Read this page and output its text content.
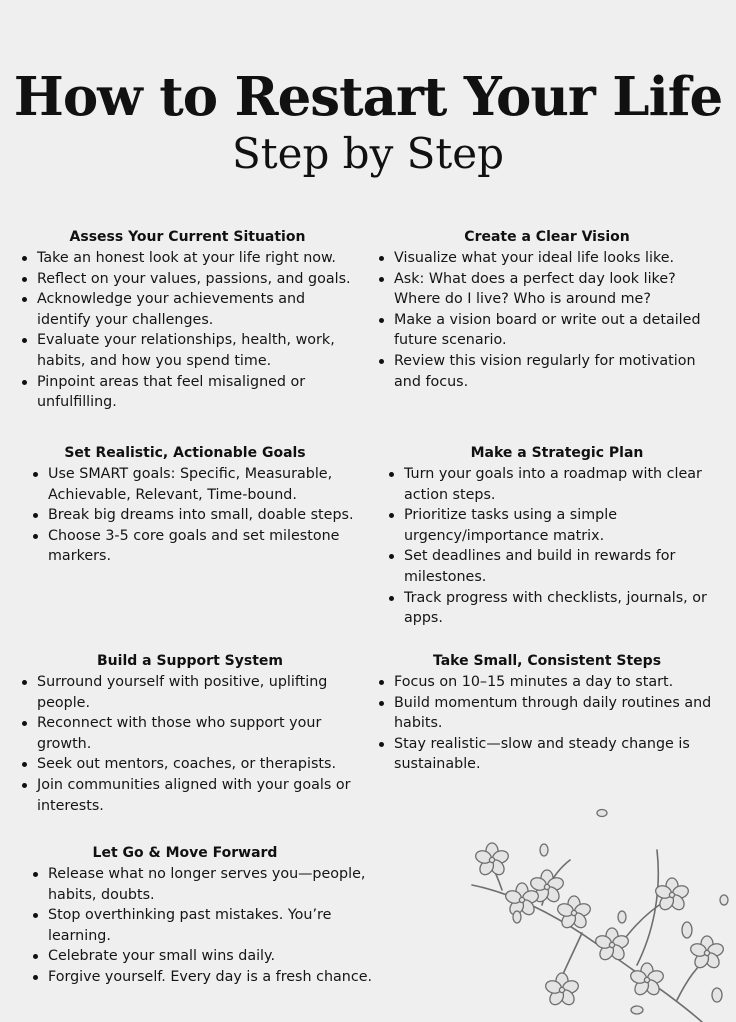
How to Restart Your Life
Step by Step
Assess Your Current Situation
Take an honest look at your life right now.
Reflect on your values, passions, and goals.
Acknowledge your achievements and identify your challenges.
Evaluate your relationships, health, work, habits, and how you spend time.
Pinpoint areas that feel misaligned or unfulfilling.
Create a Clear Vision
Visualize what your ideal life looks like.
Ask: What does a perfect day look like? Where do I live? Who is around me?
Make a vision board or write out a detailed future scenario.
Review this vision regularly for motivation and focus.
Set Realistic, Actionable Goals
Use SMART goals: Specific, Measurable, Achievable, Relevant, Time-bound.
Break big dreams into small, doable steps.
Choose 3-5 core goals and set milestone markers.
Make a Strategic Plan
Turn your goals into a roadmap with clear action steps.
Prioritize tasks using a simple urgency/importance matrix.
Set deadlines and build in rewards for milestones.
Track progress with checklists, journals, or apps.
Build a Support System
Surround yourself with positive, uplifting people.
Reconnect with those who support your growth.
Seek out mentors, coaches, or therapists.
Join communities aligned with your goals or interests.
Take Small, Consistent Steps
Focus on 10–15 minutes a day to start.
Build momentum through daily routines and habits.
Stay realistic—slow and steady change is sustainable.
Let Go & Move Forward
Release what no longer serves you—people, habits, doubts.
Stop overthinking past mistakes. You’re learning.
Celebrate your small wins daily.
Forgive yourself. Every day is a fresh chance.
